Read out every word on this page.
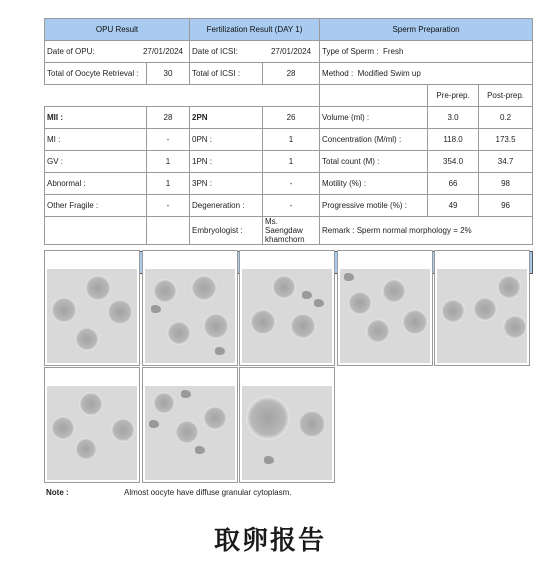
OPU Result		Fertilization Result (DAY 1)		Sperm Preparation		

Date of OPU: 27/01/2024		Date of ICSI: 27/01/2024		Type of Sperm : Fresh		
Total of Oocyte Retrieval :	30	Total of ICSI :	28	Method : Modified Swim up		
					Pre-prep.	Post-prep.
MII :	28	2PN	26	Volume (ml) :	3.0	0.2
MI :	-	0PN :	1	Concentration (M/ml) :	118.0	173.5
GV :	1	1PN :	1	Total count (M) :	354.0	34.7
Abnormal :	1	3PN :	-	Motility (%) :	66	98
Other Fragile :	-	Degeneration :	-	Progressive motile (%) :	49	96
		Embryologist :	Ms. Saengdaw khamchorn	Remark : Sperm normal morphology = 2%		

Note :	Almost oocyte have diffuse granular cytoplasm.
取卵报告
